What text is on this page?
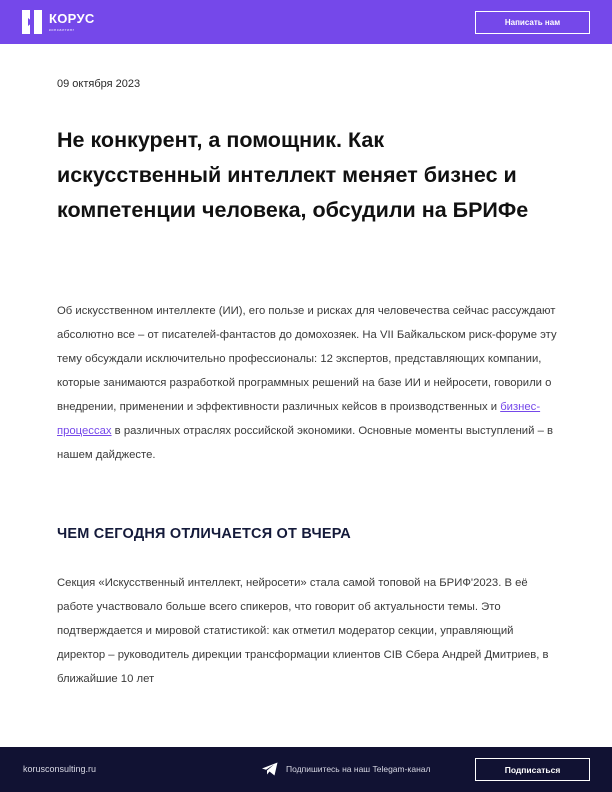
КОРУС
консалтинг
Написать нам
09 октября 2023
Не конкурент, а помощник. Как искусственный интеллект меняет бизнес и компетенции человека, обсудили на БРИФе

Об искусственном интеллекте (ИИ), его пользе и рисках для человечества сейчас рассуждают абсолютно все – от писателей-фантастов до домохозяек. На VII Байкальском риск-форуме эту тему обсуждали исключительно профессионалы: 12 экспертов, представляющих компании, которые занимаются разработкой программных решений на базе ИИ и нейросети, говорили о внедрении, применении и эффективности различных кейсов в производственных и бизнес-процессах в различных отраслях российской экономики. Основные моменты выступлений – в нашем дайджесте.

ЧЕМ СЕГОДНЯ ОТЛИЧАЕТСЯ ОТ ВЧЕРА

Секция «Искусственный интеллект, нейросети» стала самой топовой на БРИФ'2023. В её работе участвовало больше всего спикеров, что говорит об актуальности темы. Это подтверждается и мировой статистикой: как отметил модератор секции, управляющий директор – руководитель дирекции трансформации клиентов CIB Сбера Андрей Дмитриев, в ближайшие 10 лет

korusconsulting.ru	Подпишитесь на наш Telegam-канал	Подписаться
